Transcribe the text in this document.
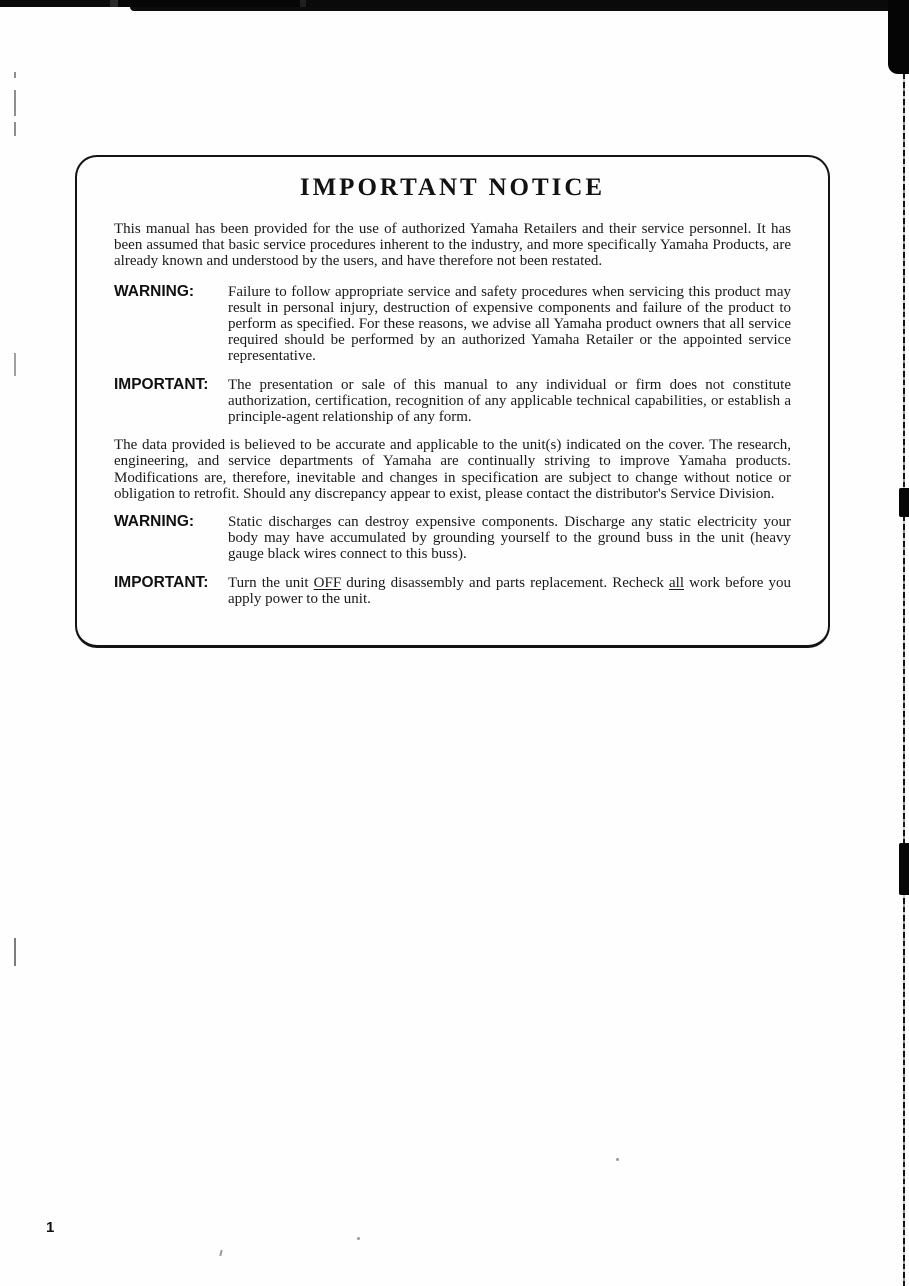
IMPORTANT NOTICE

This manual has been provided for the use of authorized Yamaha Retailers and their service personnel. It has been assumed that basic service procedures inherent to the industry, and more specifically Yamaha Products, are already known and understood by the users, and have therefore not been restated.

WARNING:	Failure to follow appropriate service and safety procedures when servicing this product may result in personal injury, destruction of expensive components and failure of the product to perform as specified. For these reasons, we advise all Yamaha product owners that all service required should be performed by an authorized Yamaha Retailer or the appointed service representative.

IMPORTANT:	The presentation or sale of this manual to any individual or firm does not constitute authorization, certification, recognition of any applicable technical capabilities, or establish a principle-agent relationship of any form.

The data provided is believed to be accurate and applicable to the unit(s) indicated on the cover. The research, engineering, and service departments of Yamaha are continually striving to improve Yamaha products. Modifications are, therefore, inevitable and changes in specification are subject to change without notice or obligation to retrofit. Should any discrepancy appear to exist, please contact the distributor's Service Division.

WARNING:	Static discharges can destroy expensive components. Discharge any static electricity your body may have accumulated by grounding yourself to the ground buss in the unit (heavy gauge black wires connect to this buss).

IMPORTANT:	Turn the unit OFF during disassembly and parts replacement. Recheck all work before you apply power to the unit.

1
